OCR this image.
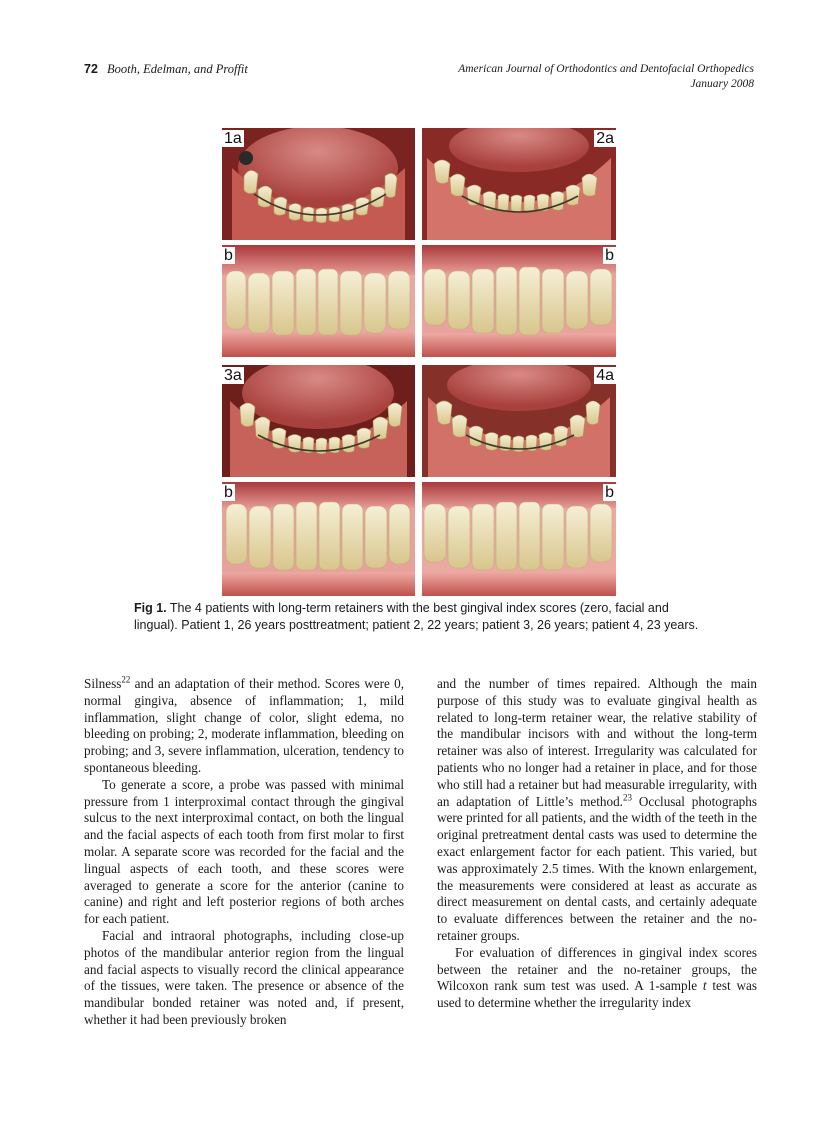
72 Booth, Edelman, and Proffit	American Journal of Orthodontics and Dentofacial Orthopedics
January 2008
1a	2a
b	b
3a	4a
b	b
Fig 1. The 4 patients with long-term retainers with the best gingival index scores (zero, facial and lingual). Patient 1, 26 years posttreatment; patient 2, 22 years; patient 3, 26 years; patient 4, 23 years.

Silness$^{22}$ and an adaptation of their method. Scores were 0, normal gingiva, absence of inflammation; 1, mild inflammation, slight change of color, slight edema, no bleeding on probing; 2, moderate inflammation, bleeding on probing; and 3, severe inflammation, ulceration, tendency to spontaneous bleeding.

To generate a score, a probe was passed with minimal pressure from 1 interproximal contact through the gingival sulcus to the next interproximal contact, on both the lingual and the facial aspects of each tooth from first molar to first molar. A separate score was recorded for the facial and the lingual aspects of each tooth, and these scores were averaged to generate a score for the anterior (canine to canine) and right and left posterior regions of both arches for each patient.

Facial and intraoral photographs, including close-up photos of the mandibular anterior region from the lingual and facial aspects to visually record the clinical appearance of the tissues, were taken. The presence or absence of the mandibular bonded retainer was noted and, if present, whether it had been previously broken

and the number of times repaired. Although the main purpose of this study was to evaluate gingival health as related to long-term retainer wear, the relative stability of the mandibular incisors with and without the long-term retainer was also of interest. Irregularity was calculated for patients who no longer had a retainer in place, and for those who still had a retainer but had measurable irregularity, with an adaptation of Little’s method.$^{23}$ Occlusal photographs were printed for all patients, and the width of the teeth in the original pretreatment dental casts was used to determine the exact enlargement factor for each patient. This varied, but was approximately 2.5 times. With the known enlargement, the measurements were considered at least as accurate as direct measurement on dental casts, and certainly adequate to evaluate differences between the retainer and the no-retainer groups.

For evaluation of differences in gingival index scores between the retainer and the no-retainer groups, the Wilcoxon rank sum test was used. A 1-sample t test was used to determine whether the irregularity index
